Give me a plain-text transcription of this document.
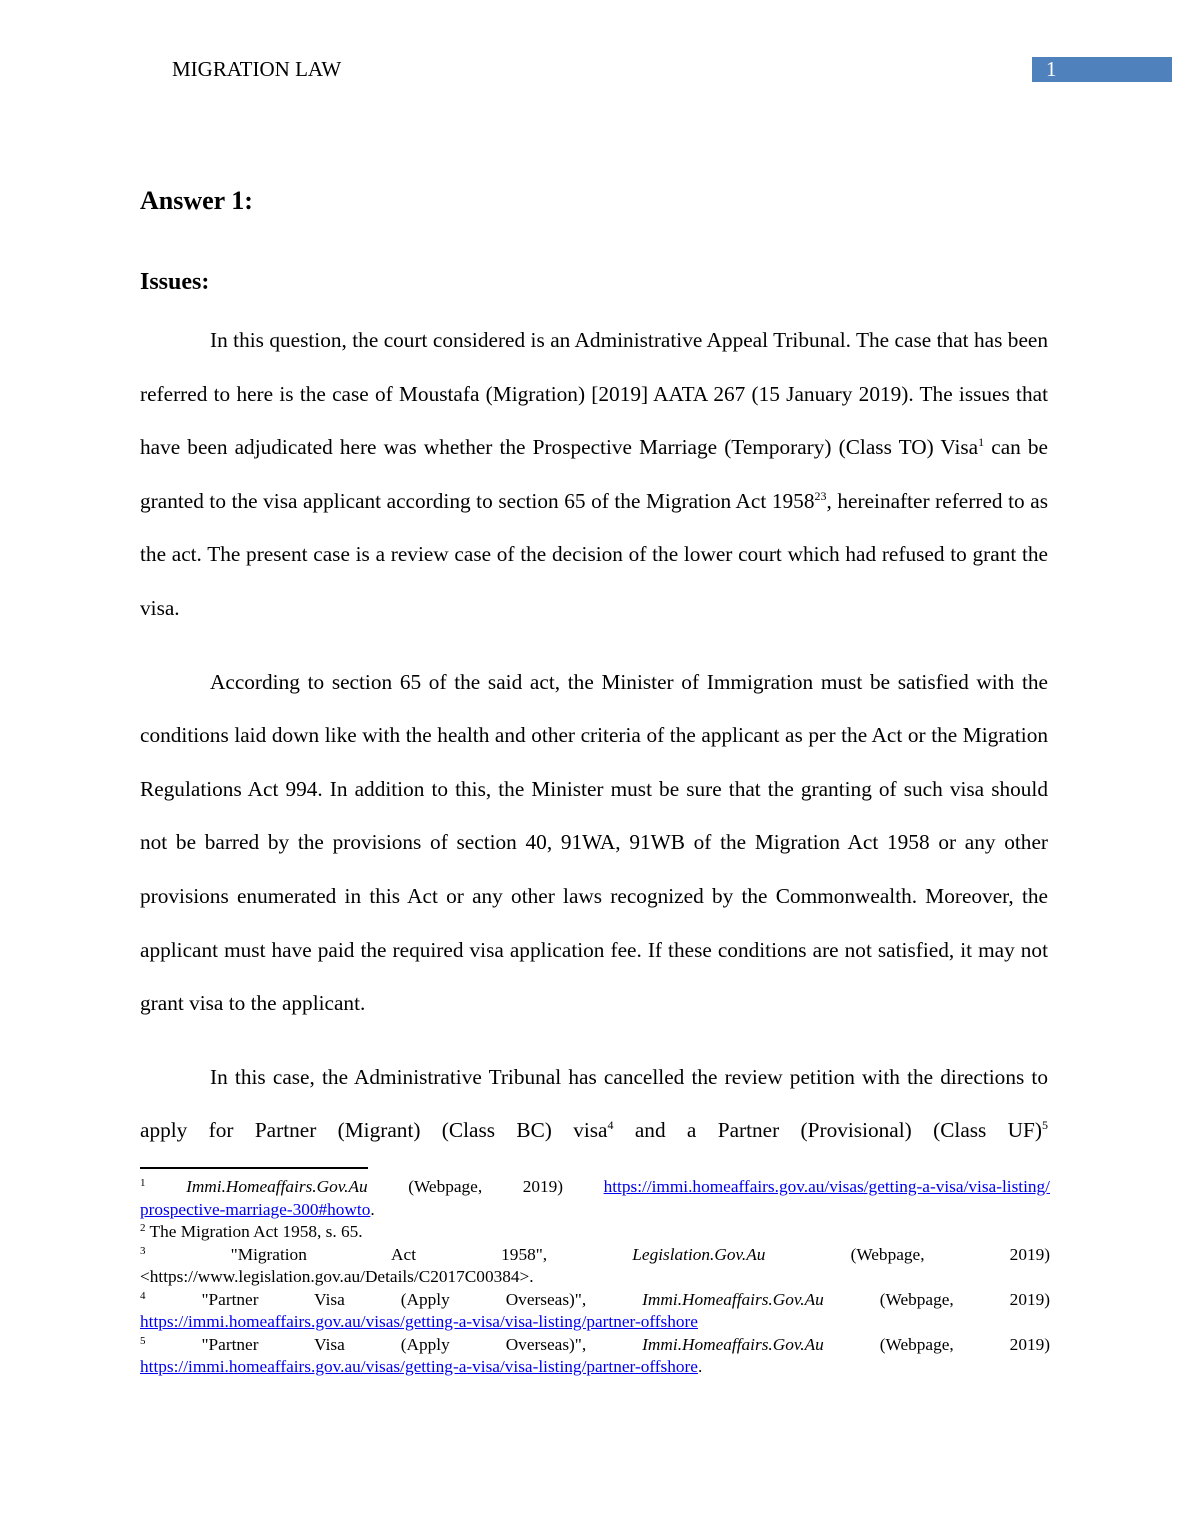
MIGRATION LAW	1
Answer 1:
Issues:

In this question, the court considered is an Administrative Appeal Tribunal. The case that has been referred to here is the case of Moustafa (Migration) [2019] AATA 267 (15 January 2019). The issues that have been adjudicated here was whether the Prospective Marriage (Temporary) (Class TO) Visa$^1$ can be granted to the visa applicant according to section 65 of the Migration Act 1958$^{23}$, hereinafter referred to as the act. The present case is a review case of the decision of the lower court which had refused to grant the visa.

According to section 65 of the said act, the Minister of Immigration must be satisfied with the conditions laid down like with the health and other criteria of the applicant as per the Act or the Migration Regulations Act 994. In addition to this, the Minister must be sure that the granting of such visa should not be barred by the provisions of section 40, 91WA, 91WB of the Migration Act 1958 or any other provisions enumerated in this Act or any other laws recognized by the Commonwealth. Moreover, the applicant must have paid the required visa application fee. If these conditions are not satisfied, it may not grant visa to the applicant.

In this case, the Administrative Tribunal has cancelled the review petition with the directions to apply for Partner (Migrant) (Class BC) visa$^4$ and a Partner (Provisional) (Class UF)$^5$

$^1$ Immi.Homeaffairs.Gov.Au (Webpage, 2019) https://immi.homeaffairs.gov.au/visas/getting-a-visa/visa-listing/
prospective-marriage-300#howto.
$^2$ The Migration Act 1958, s. 65.
$^3$	"Migration Act 1958",	Legislation.Gov.Au	(Webpage, 2019)
<https://www.legislation.gov.au/Details/C2017C00384>.
$^4$	"Partner Visa (Apply Overseas)",	Immi.Homeaffairs.Gov.Au	(Webpage, 2019)
https://immi.homeaffairs.gov.au/visas/getting-a-visa/visa-listing/partner-offshore
$^5$	"Partner Visa (Apply Overseas)",	Immi.Homeaffairs.Gov.Au	(Webpage, 2019)
https://immi.homeaffairs.gov.au/visas/getting-a-visa/visa-listing/partner-offshore.
